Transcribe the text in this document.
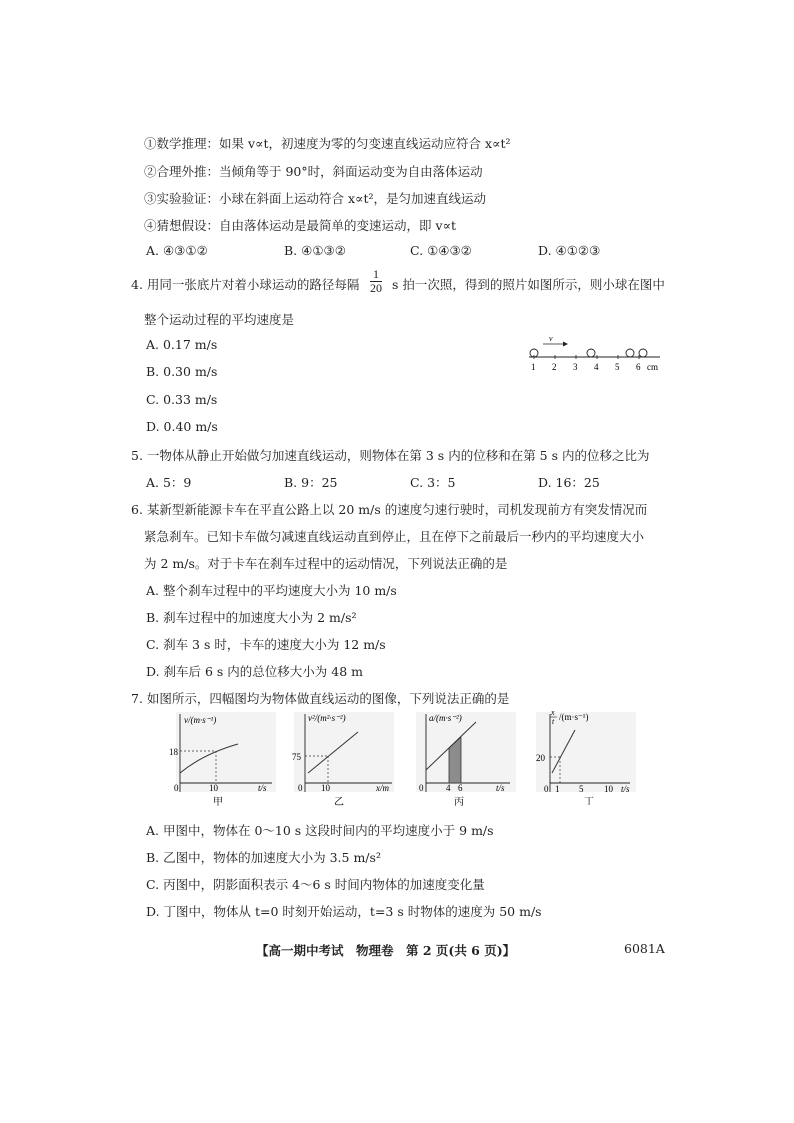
①数学推理：如果 v∝t，初速度为零的匀变速直线运动应符合 x∝t²
②合理外推：当倾角等于 90°时，斜面运动变为自由落体运动
③实验验证：小球在斜面上运动符合 x∝t²，是匀加速直线运动
④猜想假设：自由落体运动是最简单的变速运动，即 v∝t
A. ④③①②	B. ④①③②	C. ①④③②	D. ④①②③
4. 用同一张底片对着小球运动的路径每隔 $\frac{1}{20}$ s 拍一次照，得到的照片如图所示，则小球在图中
整个运动过程的平均速度是
A. 0.17 m/s
B. 0.30 m/s
C. 0.33 m/s
D. 0.40 m/s
v
1 2 3 4 5 6 cm
5. 一物体从静止开始做匀加速直线运动，则物体在第 3 s 内的位移和在第 5 s 内的位移之比为
A. 5：9	B. 9：25	C. 3：5	D. 16：25
6. 某新型新能源卡车在平直公路上以 20 m/s 的速度匀速行驶时，司机发现前方有突发情况而
紧急刹车。已知卡车做匀减速直线运动直到停止，且在停下之前最后一秒内的平均速度大小
为 2 m/s。对于卡车在刹车过程中的运动情况，下列说法正确的是
A. 整个刹车过程中的平均速度大小为 10 m/s
B. 刹车过程中的加速度大小为 2 m/s²
C. 刹车 3 s 时，卡车的速度大小为 12 m/s
D. 刹车后 6 s 内的总位移大小为 48 m
7. 如图所示，四幅图均为物体做直线运动的图像，下列说法正确的是
v/(m·s⁻¹)
18
0	10	t/s
甲
v²/(m²·s⁻²)
75
0 10	x/m
乙
a/(m·s⁻²)
0	4 6	t/s
丙
x
t /(m·s⁻¹)
20
0 1 5 10 t/s
丁
A. 甲图中，物体在 0～10 s 这段时间内的平均速度小于 9 m/s
B. 乙图中，物体的加速度大小为 3.5 m/s²
C. 丙图中，阴影面积表示 4～6 s 时间内物体的加速度变化量
D. 丁图中，物体从 t=0 时刻开始运动，t=3 s 时物体的速度为 50 m/s
【高一期中考试　物理卷　第 2 页(共 6 页)】	6081A
